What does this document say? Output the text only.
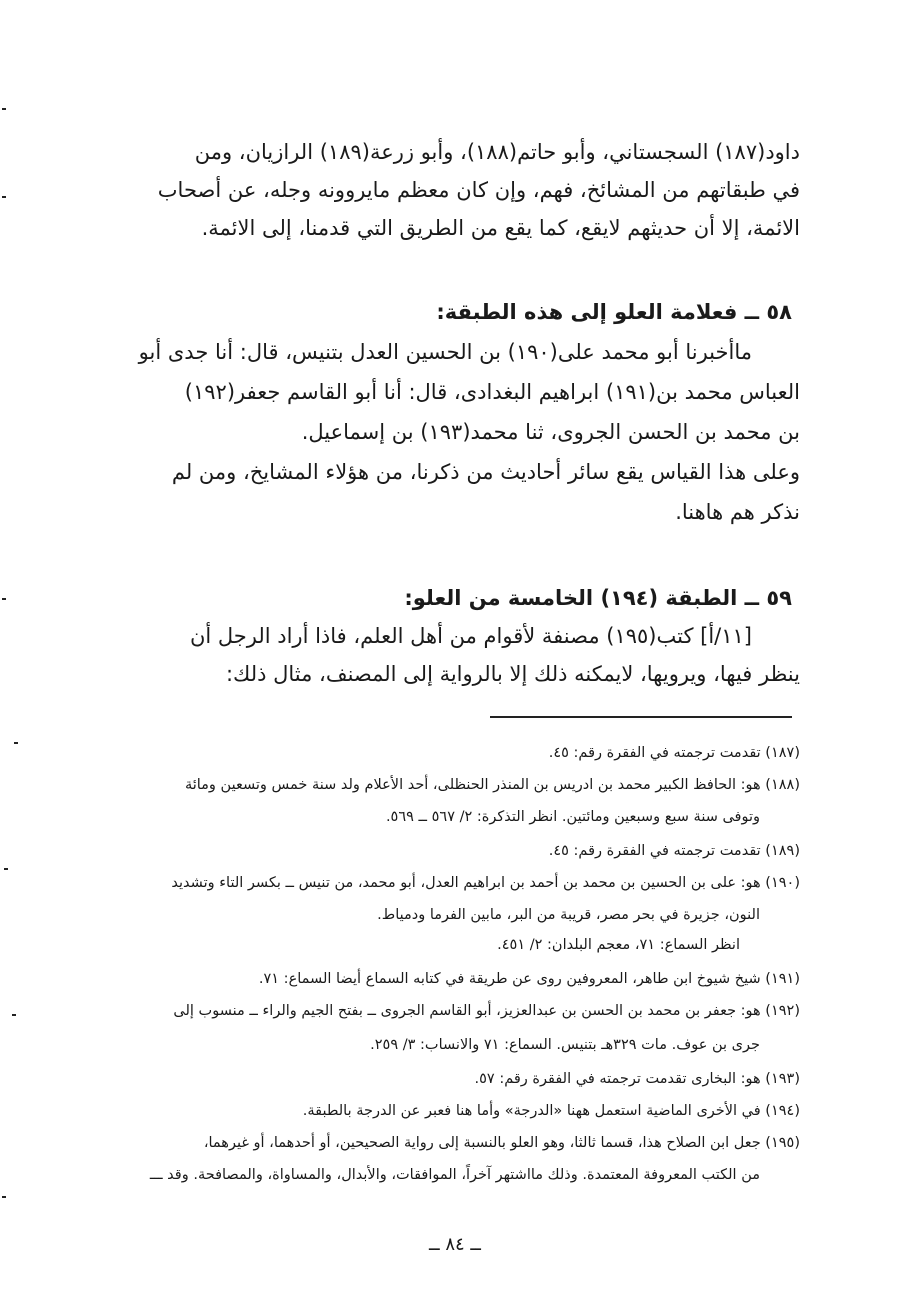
داود(١٨٧) السجستاني، وأبو حاتم(١٨٨)، وأبو زرعة(١٨٩) الرازيان، ومن
في طبقاتهم من المشائخ، فهم، وإن كان معظم مايروونه وجله، عن أصحاب
الائمة، إلا أن حديثهم لايقع، كما يقع من الطريق التي قدمنا، إلى الائمة.
٥٨ ــ فعلامة العلو إلى هذه الطبقة:
ماأخبرنا أبو محمد على(١٩٠) بن الحسين العدل بتنيس، قال: أنا جدى أبو
العباس محمد بن(١٩١) ابراهيم البغدادى، قال: أنا أبو القاسم جعفر(١٩٢)
بن محمد بن الحسن الجروى، ثنا محمد(١٩٣) بن إسماعيل.
وعلى هذا القياس يقع سائر أحاديث من ذكرنا، من هؤلاء المشايخ، ومن لم
نذكر هم هاهنا.
٥٩ ــ الطبقة (١٩٤) الخامسة من العلو:
[١١/أ] كتب(١٩٥) مصنفة لأقوام من أهل العلم، فاذا أراد الرجل أن
ينظر فيها، ويرويها، لايمكنه ذلك إلا بالرواية إلى المصنف، مثال ذلك:
(١٨٧) تقدمت ترجمته في الفقرة رقم: ٤٥.
(١٨٨) هو: الحافظ الكبير محمد بن ادريس بن المنذر الحنظلى، أحد الأعلام ولد سنة خمس وتسعين ومائة
وتوفى سنة سبع وسبعين ومائتين. انظر التذكرة: ٢/ ٥٦٧ ــ ٥٦٩.
(١٨٩) تقدمت ترجمته في الفقرة رقم: ٤٥.
(١٩٠) هو: على بن الحسين بن محمد بن أحمد بن ابراهيم العدل، أبو محمد، من تنيس ــ بكسر التاء وتشديد
النون، جزيرة في بحر مصر، قريبة من البر، مابين الفرما ودمياط.
انظر السماع: ٧١، معجم البلدان: ٢/ ٤٥١.
(١٩١) شيخ شيوخ ابن طاهر، المعروفين روى عن طريقة في كتابه السماع أيضا السماع: ٧١.
(١٩٢) هو: جعفر بن محمد بن الحسن بن عبدالعزيز، أبو القاسم الجروى ــ بفتح الجيم والراء ــ منسوب إلى
جرى بن عوف. مات ٣٢٩هـ بتنيس. السماع: ٧١ والانساب: ٣/ ٢٥٩.
(١٩٣) هو: البخارى تقدمت ترجمته في الفقرة رقم: ٥٧.
(١٩٤) في الأخرى الماضية استعمل ههنا «الدرجة» وأما هنا فعبر عن الدرجة بالطبقة.
(١٩٥) جعل ابن الصلاح هذا، قسما ثالثا، وهو العلو بالنسبة إلى رواية الصحيحين، أو أحدهما، أو غيرهما،
من الكتب المعروفة المعتمدة. وذلك مااشتهر آخراً، الموافقات، والأبدال، والمساواة، والمصافحة. وقد ـــ
ــ ٨٤ ــ
